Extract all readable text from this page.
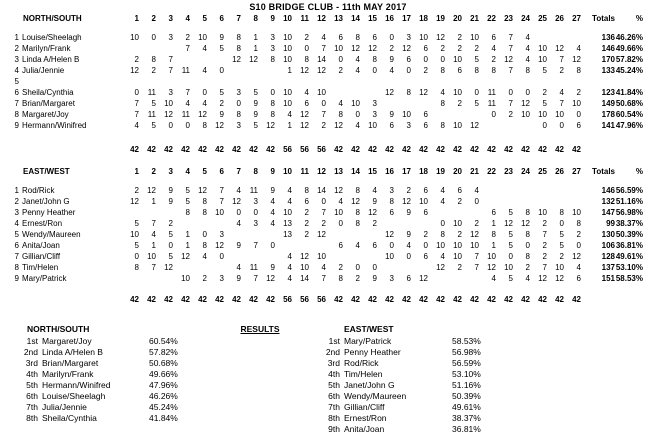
S10 BRIDGE CLUB - 11th MAY 2017
NORTH/SOUTH		1	2	3	4	5	6	7	8	9	10	11	12	13	14	15	16	17	18	19	20	21	22	23	24	25	26	27	Totals	%

1	Louise/Sheelagh	10	0	3	2	10	9	8	1	3	10	2	4	6	8	6	0	3	10	12	2	10	6	7	4				136	46.26%
2	Marilyn/Frank				7	4	5	8	1	3	10	0	7	10	12	12	2	12	6	2	2	2	4	7	4	10	12	4	146	49.66%
3	Linda A/Helen B	2	8	7				12	12	8	10	8	14	0	4	8	9	6	0	0	10	5	2	12	4	10	7	12	170	57.82%
4	Julia/Jennie	12	2	7	11	4	0				1	12	12	2	4	0	4	0	2	8	6	8	8	7	8	5	2	8	133	45.24%
5																														
6	Sheila/Cynthia	0	11	3	7	0	5	3	5	0	10	4	10				12	8	12	4	10	0	11	0	0	2	4	2	123	41.84%
7	Brian/Margaret	7	5	10	4	4	2	0	9	8	10	6	0	4	10	3				8	2	5	11	7	12	5	7	10	149	50.68%
8	Margaret/Joy	7	11	12	11	12	9	8	9	8	4	12	7	8	0	3	9	10	6				0	2	10	10	10	0	178	60.54%
9	Hermann/Winifred	4	5	0	0	8	12	3	5	12	1	12	2	12	4	10	6	3	6	8	10	12				0	0	6	141	47.96%

		42	42	42	42	42	42	42	42	42	56	56	56	42	42	42	42	42	42	42	42	42	42	42	42	42	42	42		
EAST/WEST		1	2	3	4	5	6	7	8	9	10	11	12	13	14	15	16	17	18	19	20	21	22	23	24	25	26	27	Totals	%

1	Rod/Rick	2	12	9	5	12	7	4	11	9	4	8	14	12	8	4	3	2	6	4	6	4							146	56.59%
2	Janet/John G	12	1	9	5	8	7	12	3	4	4	6	0	4	12	9	8	12	10	4	2	0							132	51.16%
3	Penny Heather				8	8	10	0	0	4	10	2	7	10	8	12	6	9	6				6	5	8	10	8	10	147	56.98%
4	Ernest/Ron	5	7	2				4	3	4	13	2	2	0	8	2				0	10	2	1	12	12	2	0	8	99	38.37%
5	Wendy/Maureen	10	4	5	1	0	3				13	2	12				12	9	2	8	2	12	8	5	8	7	5	2	130	50.39%
6	Anita/Joan	5	1	0	1	8	12	9	7	0				6	4	6	0	4	0	10	10	10	1	5	0	2	5	0	106	36.81%
7	Gillian/Cliff	0	10	5	12	4	0				4	12	10				10	0	6	4	10	7	10	0	8	2	2	12	128	49.61%
8	Tim/Helen	8	7	12				4	11	9	4	10	4	2	0	0				12	2	7	12	10	2	7	10	4	137	53.10%
9	Mary/Patrick				10	2	3	9	7	12	4	14	7	8	2	9	3	6	12				4	5	4	12	12	6	151	58.53%

		42	42	42	42	42	42	42	42	42	56	56	56	42	42	42	42	42	42	42	42	42	42	42	42	42	42	42		
RESULTS
NORTH/SOUTH		
1st	Margaret/Joy	60.54%
2nd	Linda A/Helen B	57.82%
3rd	Brian/Margaret	50.68%
4th	Marilyn/Frank	49.66%
5th	Hermann/Winifred	47.96%
6th	Louise/Sheelagh	46.26%
7th	Julia/Jennie	45.24%
8th	Sheila/Cynthia	41.84%
EAST/WEST		
1st	Mary/Patrick	58.53%
2nd	Penny Heather	56.98%
3rd	Rod/Rick	56.59%
4th	Tim/Helen	53.10%
5th	Janet/John G	51.16%
6th	Wendy/Maureen	50.39%
7th	Gillian/Cliff	49.61%
8th	Ernest/Ron	38.37%
9th	Anita/Joan	36.81%
